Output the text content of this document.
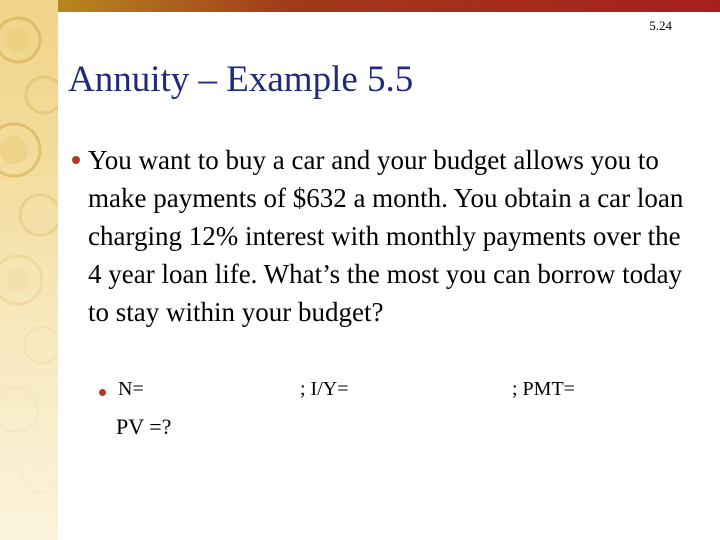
5.24
Annuity – Example 5.5

You want to buy a car and your budget allows you to make payments of $632 a month. You obtain a car loan charging 12% interest with monthly payments over the 4 year loan life. What’s the most you can borrow today to stay within your budget?

N=	; I/Y=	; PMT=
PV =?
